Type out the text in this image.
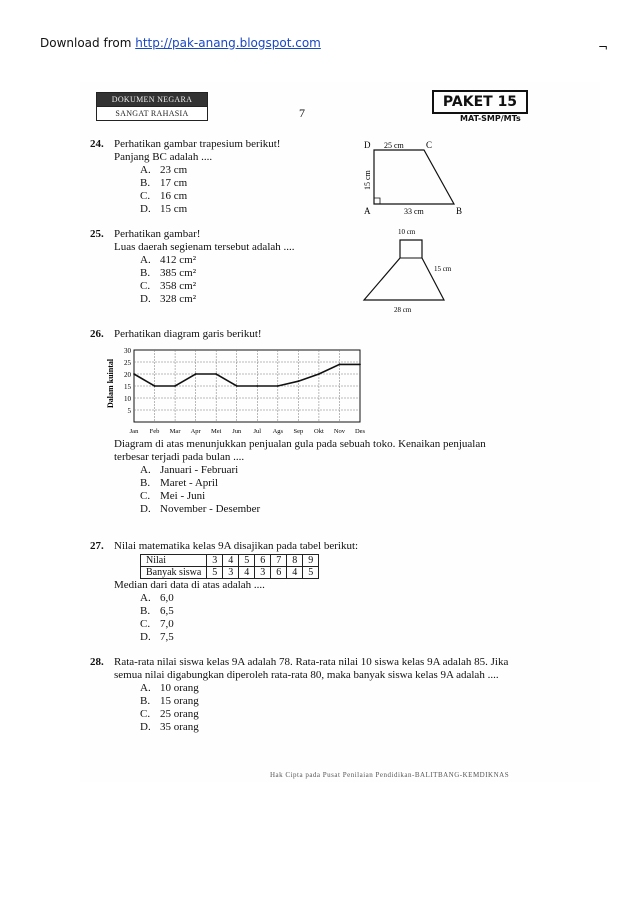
Download from http://pak-anang.blogspot.com	¬
DOKUMEN NEGARA
SANGAT RAHASIA	7
PAKET 15
MAT-SMP/MTs
24. Perhatikan gambar trapesium berikut!
Panjang BC adalah ....
A. 23 cm
B. 17 cm
C. 16 cm
D. 15 cm
D	C
A	B
25 cm
33 cm
15 cm
25. Perhatikan gambar!
Luas daerah segienam tersebut adalah ....
A. 412 cm²
B. 385 cm²
C. 358 cm²
D. 328 cm²
10 cm
15 cm
28 cm
26. Perhatikan diagram garis berikut!
5
10
15
20
25
30
Dalam kuintal
Jan Feb Mar Apr Mei Jun Jul Ags Sep Okt Nov Des
Diagram di atas menunjukkan penjualan gula pada sebuah toko. Kenaikan penjualan
terbesar terjadi pada bulan ....
A. Januari - Februari
B. Maret - April
C. Mei - Juni
D. November - Desember
27. Nilai matematika kelas 9A disajikan pada tabel berikut:
Nilai	3	4	5	6	7	8	9
Banyak siswa	5	3	4	3	6	4	5
Median dari data di atas adalah ....
A. 6,0
B. 6,5
C. 7,0
D. 7,5
28. Rata-rata nilai siswa kelas 9A adalah 78. Rata-rata nilai 10 siswa kelas 9A adalah 85. Jika
semua nilai digabungkan diperoleh rata-rata 80, maka banyak siswa kelas 9A adalah ....
A. 10 orang
B. 15 orang
C. 25 orang
D. 35 orang
Hak Cipta pada Pusat Penilaian Pendidikan-BALITBANG-KEMDIKNAS
